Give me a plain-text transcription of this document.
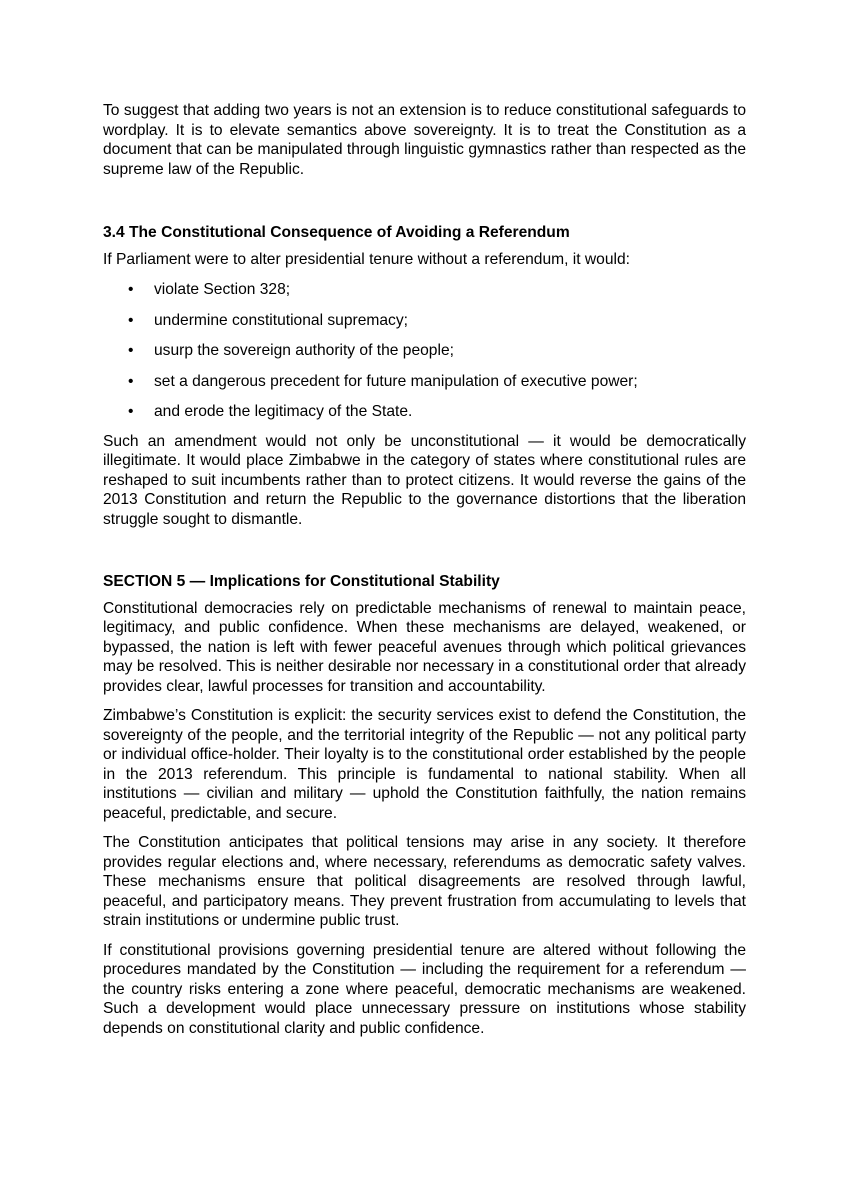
To suggest that adding two years is not an extension is to reduce constitutional safeguards to wordplay. It is to elevate semantics above sovereignty. It is to treat the Constitution as a document that can be manipulated through linguistic gymnastics rather than respected as the supreme law of the Republic.

3.4 The Constitutional Consequence of Avoiding a Referendum

If Parliament were to alter presidential tenure without a referendum, it would:

• violate Section 328;
• undermine constitutional supremacy;
• usurp the sovereign authority of the people;
• set a dangerous precedent for future manipulation of executive power;
• and erode the legitimacy of the State.

Such an amendment would not only be unconstitutional — it would be democratically illegitimate. It would place Zimbabwe in the category of states where constitutional rules are reshaped to suit incumbents rather than to protect citizens. It would reverse the gains of the 2013 Constitution and return the Republic to the governance distortions that the liberation struggle sought to dismantle.

SECTION 5 — Implications for Constitutional Stability

Constitutional democracies rely on predictable mechanisms of renewal to maintain peace, legitimacy, and public confidence. When these mechanisms are delayed, weakened, or bypassed, the nation is left with fewer peaceful avenues through which political grievances may be resolved. This is neither desirable nor necessary in a constitutional order that already provides clear, lawful processes for transition and accountability.

Zimbabwe’s Constitution is explicit: the security services exist to defend the Constitution, the sovereignty of the people, and the territorial integrity of the Republic — not any political party or individual office-holder. Their loyalty is to the constitutional order established by the people in the 2013 referendum. This principle is fundamental to national stability. When all institutions — civilian and military — uphold the Constitution faithfully, the nation remains peaceful, predictable, and secure.

The Constitution anticipates that political tensions may arise in any society. It therefore provides regular elections and, where necessary, referendums as democratic safety valves. These mechanisms ensure that political disagreements are resolved through lawful, peaceful, and participatory means. They prevent frustration from accumulating to levels that strain institutions or undermine public trust.

If constitutional provisions governing presidential tenure are altered without following the procedures mandated by the Constitution — including the requirement for a referendum — the country risks entering a zone where peaceful, democratic mechanisms are weakened. Such a development would place unnecessary pressure on institutions whose stability depends on constitutional clarity and public confidence.
